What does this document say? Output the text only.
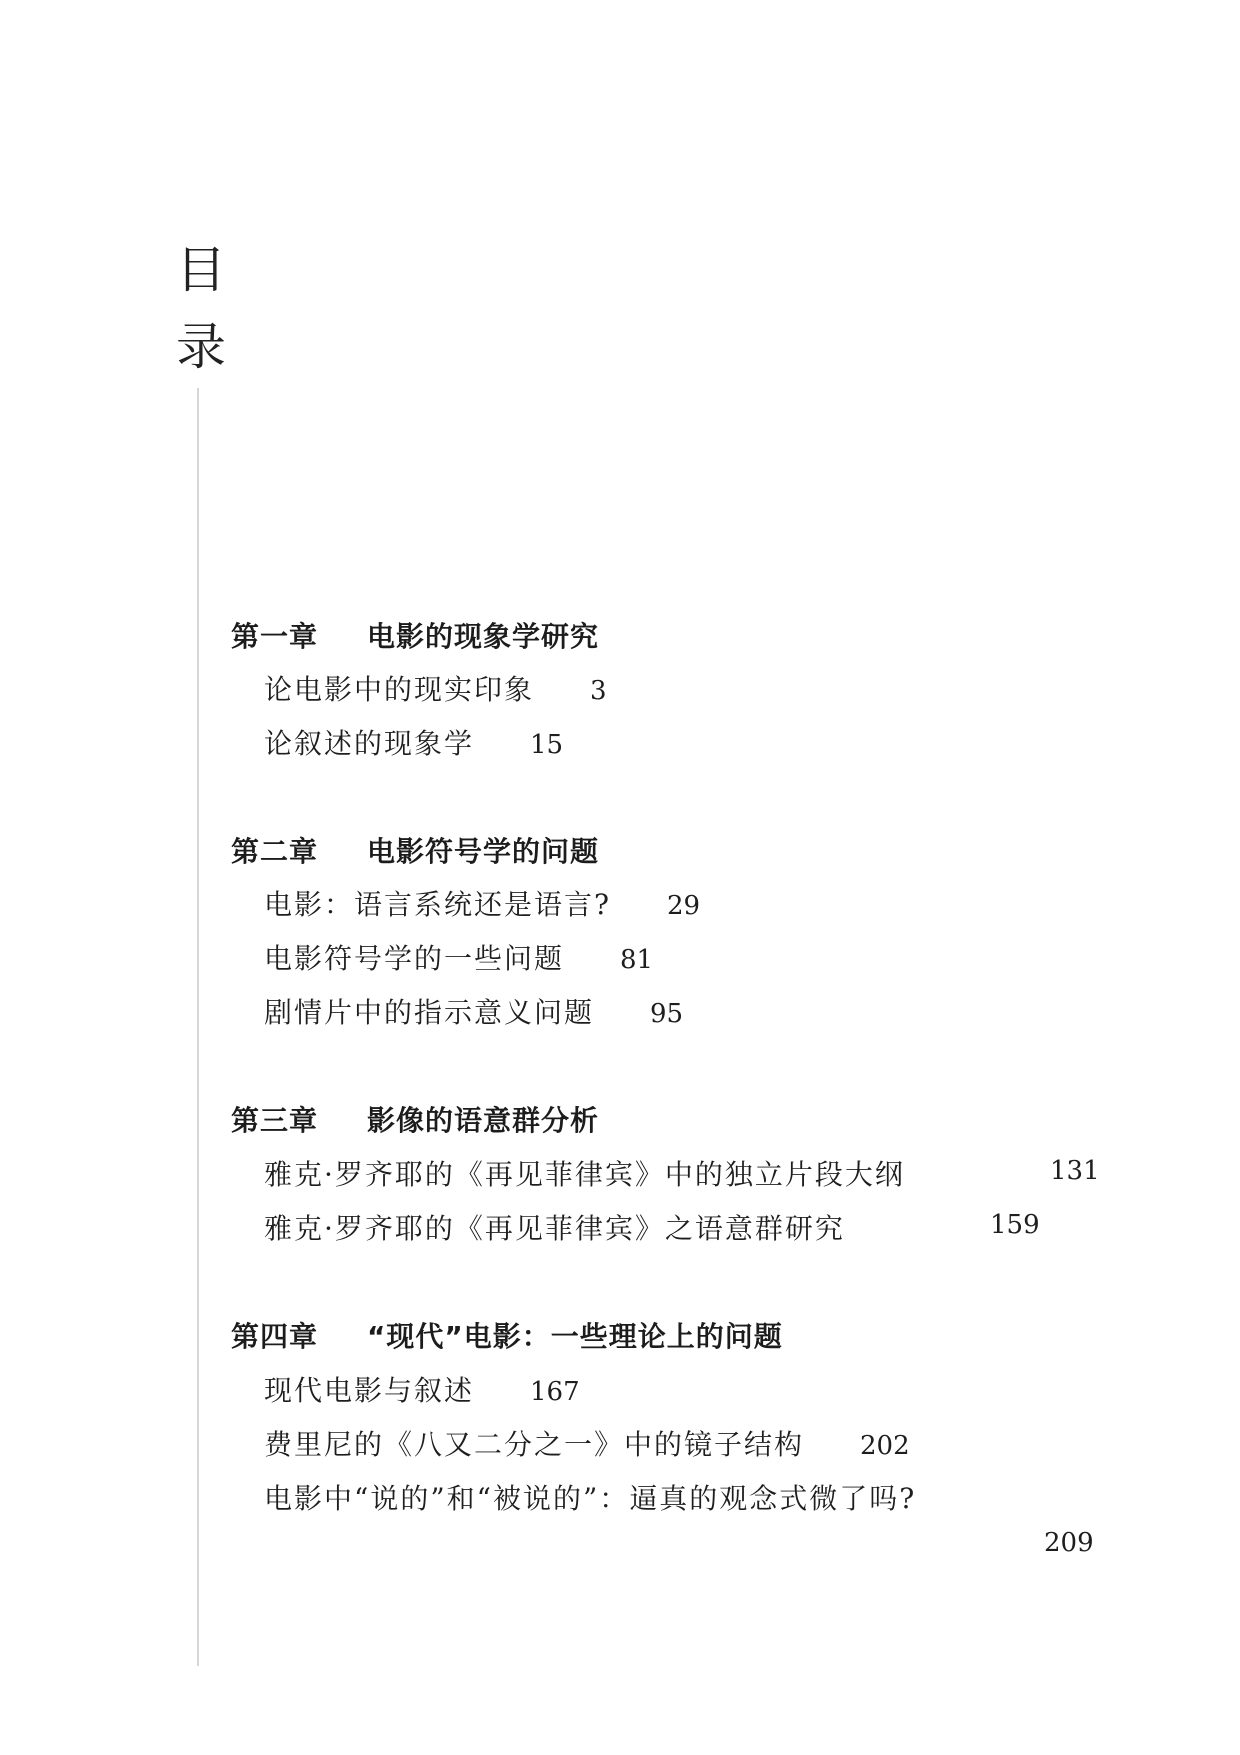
目
录
第一章 电影的现象学研究
论电影中的现实印象 3
论叙述的现象学 15
第二章 电影符号学的问题
电影：语言系统还是语言? 29
电影符号学的一些问题 81
剧情片中的指示意义问题 95
第三章 影像的语意群分析
雅克·罗齐耶的《再见菲律宾》中的独立片段大纲	131
雅克·罗齐耶的《再见菲律宾》之语意群研究	159
第四章 “现代”电影：一些理论上的问题
现代电影与叙述 167
费里尼的《八又二分之一》中的镜子结构 202
电影中“说的”和“被说的”：逼真的观念式微了吗?
209
